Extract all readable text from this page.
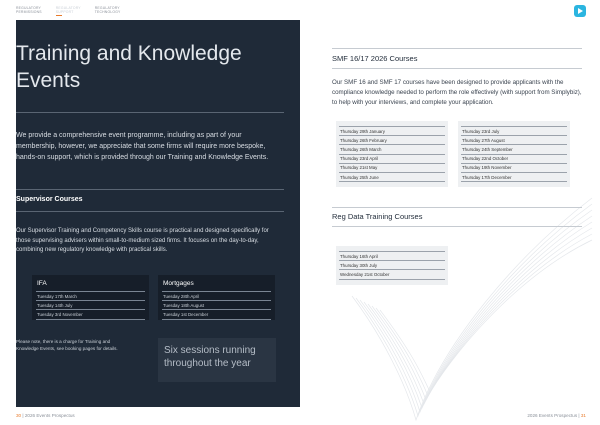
REGULATORY
PERMISSIONS
REGULATORY
SUPPORT
REGULATORY
TECHNOLOGY
Training and Knowledge Events
We provide a comprehensive event programme, including as part of your membership, however, we appreciate that some firms will require more bespoke, hands-on support, which is provided through our Training and Knowledge Events.
Supervisor Courses
Our Supervisor Training and Competency Skills course is practical and designed specifically for those supervising advisers within small-to-medium sized firms. It focuses on the day-to-day, combining new regulatory knowledge with practical skills.
IFA
Tuesday 17th March
Tuesday 14th July
Tuesday 3rd November
Mortgages
Tuesday 28th April
Tuesday 18th August
Tuesday 1st December
Please note, there is a charge for Training and Knowledge Events, see booking pages for details.	Six sessions running throughout the year
SMF 16/17 2026 Courses
Our SMF 16 and SMF 17 courses have been designed to provide applicants with the compliance knowledge needed to perform the role effectively (with support from Simplybiz), to help with your interviews, and complete your application.
Thursday 29th January
Thursday 26th February
Thursday 26th March
Thursday 23rd April
Thursday 21st May
Thursday 25th June
Thursday 23rd July
Thursday 27th August
Thursday 24th September
Thursday 22nd October
Thursday 19th November
Thursday 17th December
Reg Data Training Courses
Thursday 16th April
Thursday 30th July
Wednesday 21st October
30 | 2026 Events Prospectus	2026 Events Prospectus | 31
